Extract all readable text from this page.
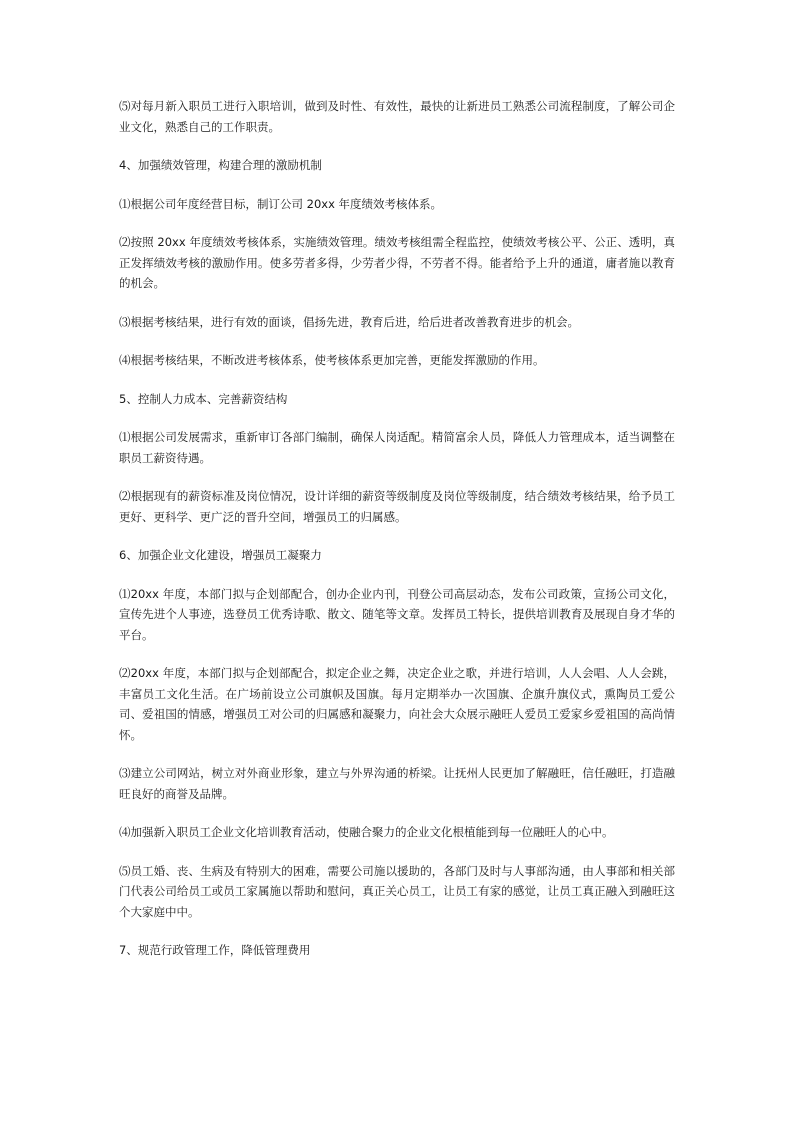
⑸对每月新入职员工进行入职培训，做到及时性、有效性，最快的让新进员工熟悉公司流程制度，了解公司企业文化，熟悉自己的工作职责。

4、加强绩效管理，构建合理的激励机制

⑴根据公司年度经营目标，制订公司 20xx 年度绩效考核体系。

⑵按照 20xx 年度绩效考核体系，实施绩效管理。绩效考核组需全程监控，使绩效考核公平、公正、透明，真正发挥绩效考核的激励作用。使多劳者多得，少劳者少得，不劳者不得。能者给予上升的通道，庸者施以教育的机会。

⑶根据考核结果，进行有效的面谈，倡扬先进，教育后进，给后进者改善教育进步的机会。

⑷根据考核结果，不断改进考核体系，使考核体系更加完善，更能发挥激励的作用。

5、控制人力成本、完善薪资结构

⑴根据公司发展需求，重新审订各部门编制，确保人岗适配。精简富余人员，降低人力管理成本，适当调整在职员工薪资待遇。

⑵根据现有的薪资标准及岗位情况，设计详细的薪资等级制度及岗位等级制度，结合绩效考核结果，给予员工更好、更科学、更广泛的晋升空间，增强员工的归属感。

6、加强企业文化建设，增强员工凝聚力

⑴20xx 年度，本部门拟与企划部配合，创办企业内刊，刊登公司高层动态，发布公司政策，宣扬公司文化，宣传先进个人事迹，选登员工优秀诗歌、散文、随笔等文章。发挥员工特长，提供培训教育及展现自身才华的平台。

⑵20xx 年度，本部门拟与企划部配合，拟定企业之舞，决定企业之歌，并进行培训，人人会唱、人人会跳，丰富员工文化生活。在广场前设立公司旗帜及国旗。每月定期举办一次国旗、企旗升旗仪式，熏陶员工爱公司、爱祖国的情感，增强员工对公司的归属感和凝聚力，向社会大众展示融旺人爱员工爱家乡爱祖国的高尚情怀。

⑶建立公司网站，树立对外商业形象，建立与外界沟通的桥梁。让抚州人民更加了解融旺，信任融旺，打造融旺良好的商誉及品牌。

⑷加强新入职员工企业文化培训教育活动，使融合聚力的企业文化根植能到每一位融旺人的心中。

⑸员工婚、丧、生病及有特别大的困难，需要公司施以援助的，各部门及时与人事部沟通，由人事部和相关部门代表公司给员工或员工家属施以帮助和慰问，真正关心员工，让员工有家的感觉，让员工真正融入到融旺这个大家庭中中。

7、规范行政管理工作，降低管理费用
